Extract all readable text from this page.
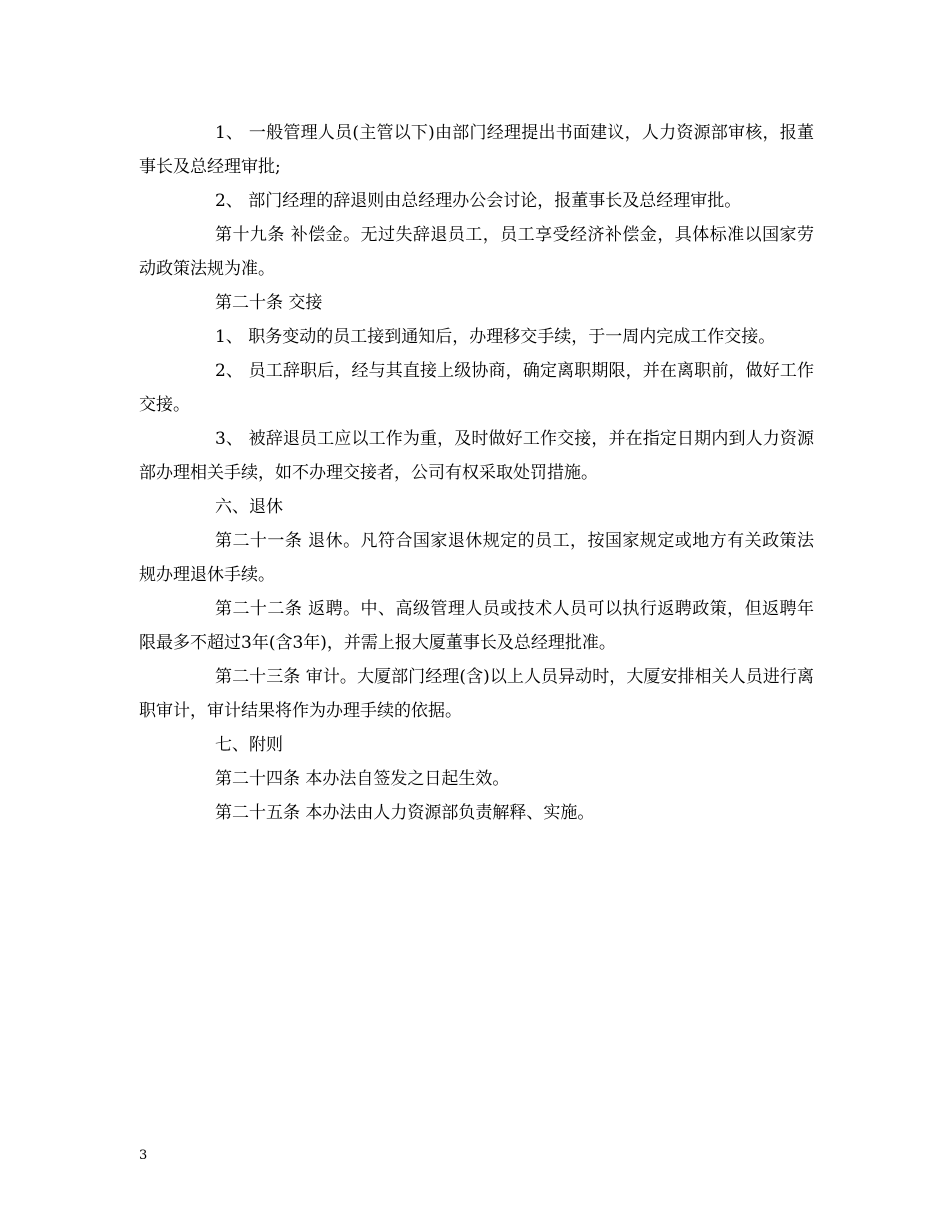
1、 一般管理人员(主管以下)由部门经理提出书面建议，人力资源部审核，报董事长及总经理审批;

2、 部门经理的辞退则由总经理办公会讨论，报董事长及总经理审批。

第十九条 补偿金。无过失辞退员工，员工享受经济补偿金，具体标准以国家劳动政策法规为准。

第二十条 交接

1、 职务变动的员工接到通知后，办理移交手续，于一周内完成工作交接。

2、 员工辞职后，经与其直接上级协商，确定离职期限，并在离职前，做好工作交接。

3、 被辞退员工应以工作为重，及时做好工作交接，并在指定日期内到人力资源部办理相关手续，如不办理交接者，公司有权采取处罚措施。

六、退休

第二十一条 退休。凡符合国家退休规定的员工，按国家规定或地方有关政策法规办理退休手续。

第二十二条 返聘。中、高级管理人员或技术人员可以执行返聘政策，但返聘年限最多不超过3年(含3年)，并需上报大厦董事长及总经理批准。

第二十三条 审计。大厦部门经理(含)以上人员异动时，大厦安排相关人员进行离职审计，审计结果将作为办理手续的依据。

七、附则

第二十四条 本办法自签发之日起生效。

第二十五条 本办法由人力资源部负责解释、实施。

3
